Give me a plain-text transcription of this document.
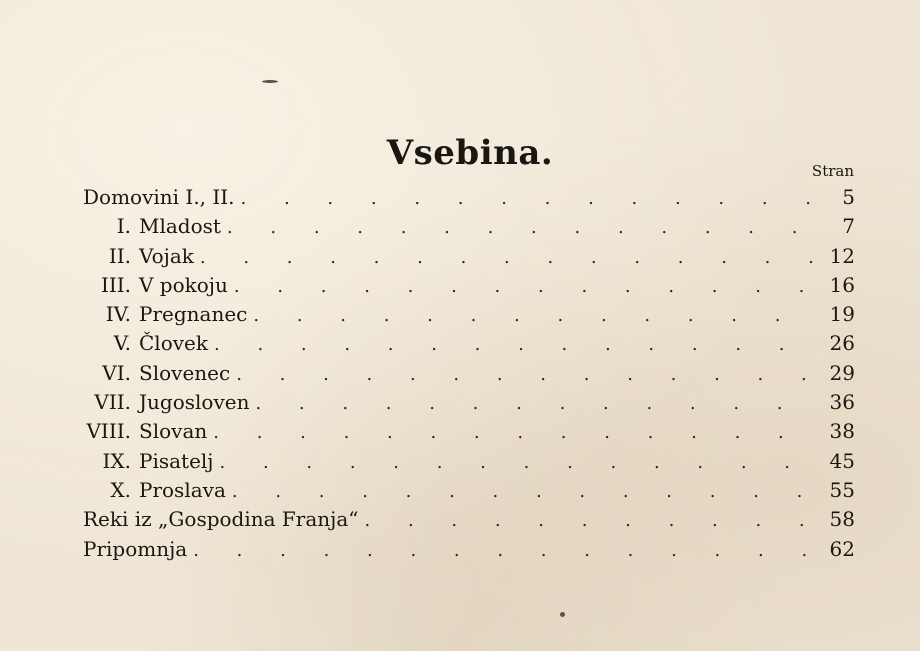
Vsebina.	Stran
Domovini I., II. . . .	5
I. Mladost . . .	7
II. Vojak . . .	12
III. V pokoju . . .	16
IV. Pregnanec . . .	19
V. Človek . . .	26
VI. Slovenec . . .	29
VII. Jugosloven . . .	36
VIII. Slovan . . .	38
IX. Pisatelj . . .	45
X. Proslava . . .	55
Reki iz „Gospodina Franja“ . . .	58
Pripomnja . . .	62
